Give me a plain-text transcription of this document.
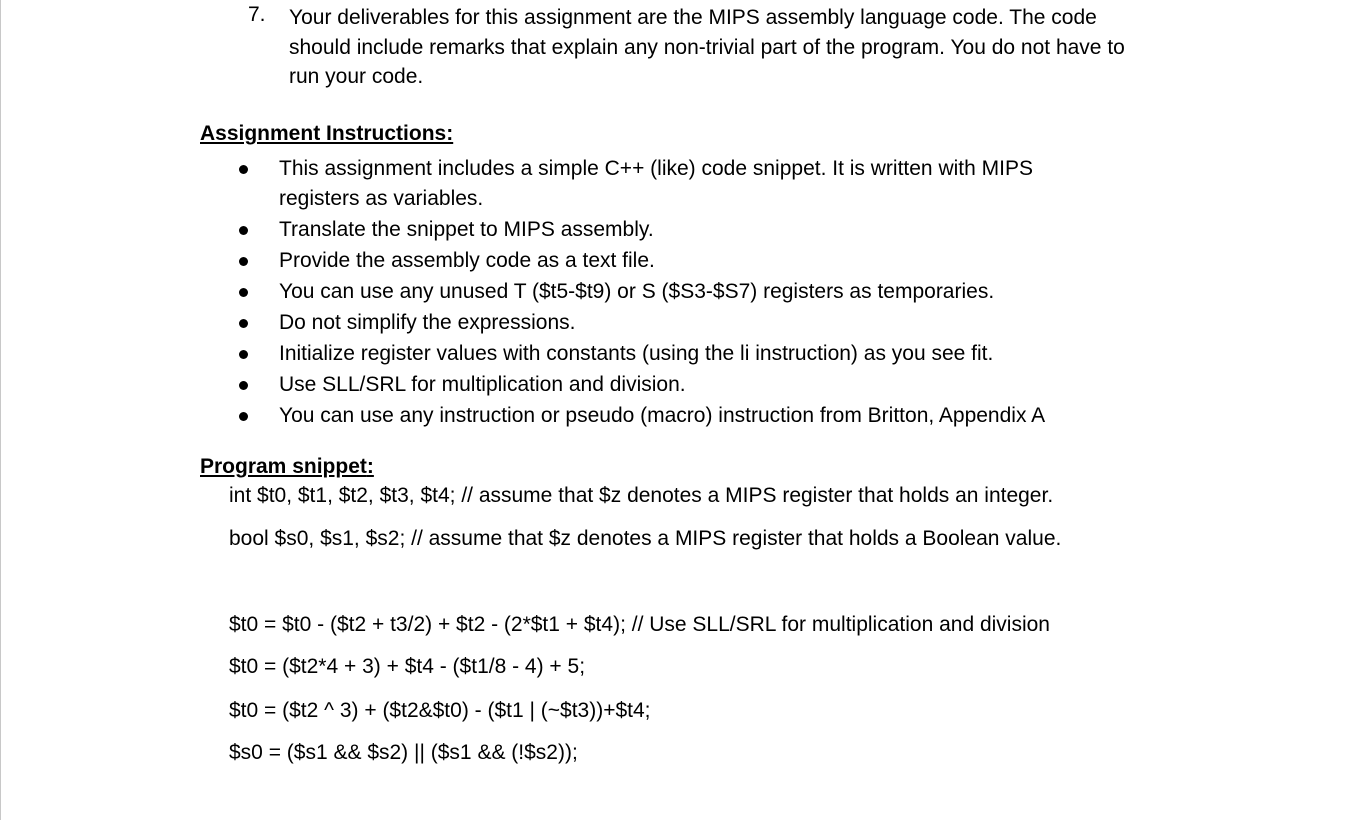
7. Your deliverables for this assignment are the MIPS assembly language code. The code should include remarks that explain any non-trivial part of the program. You do not have to run your code.
Assignment Instructions:
This assignment includes a simple C++ (like) code snippet. It is written with MIPS registers as variables.
Translate the snippet to MIPS assembly.
Provide the assembly code as a text file.
You can use any unused T ($t5-$t9) or S ($S3-$S7) registers as temporaries.
Do not simplify the expressions.
Initialize register values with constants (using the li instruction) as you see fit.
Use SLL/SRL for multiplication and division.
You can use any instruction or pseudo (macro) instruction from Britton, Appendix A
Program snippet:
int $t0, $t1, $t2, $t3, $t4; // assume that $z denotes a MIPS register that holds an integer.
bool $s0, $s1, $s2; // assume that $z denotes a MIPS register that holds a Boolean value.
$t0 = $t0 - ($t2 + t3/2) + $t2 - (2*$t1 + $t4); // Use SLL/SRL for multiplication and division
$t0 = ($t2*4 + 3) + $t4 - ($t1/8 - 4) + 5;
$t0 = ($t2 ^ 3) + ($t2&$t0) - ($t1 | (~$t3))+$t4;
$s0 = ($s1 && $s2) || ($s1 && (!$s2));
